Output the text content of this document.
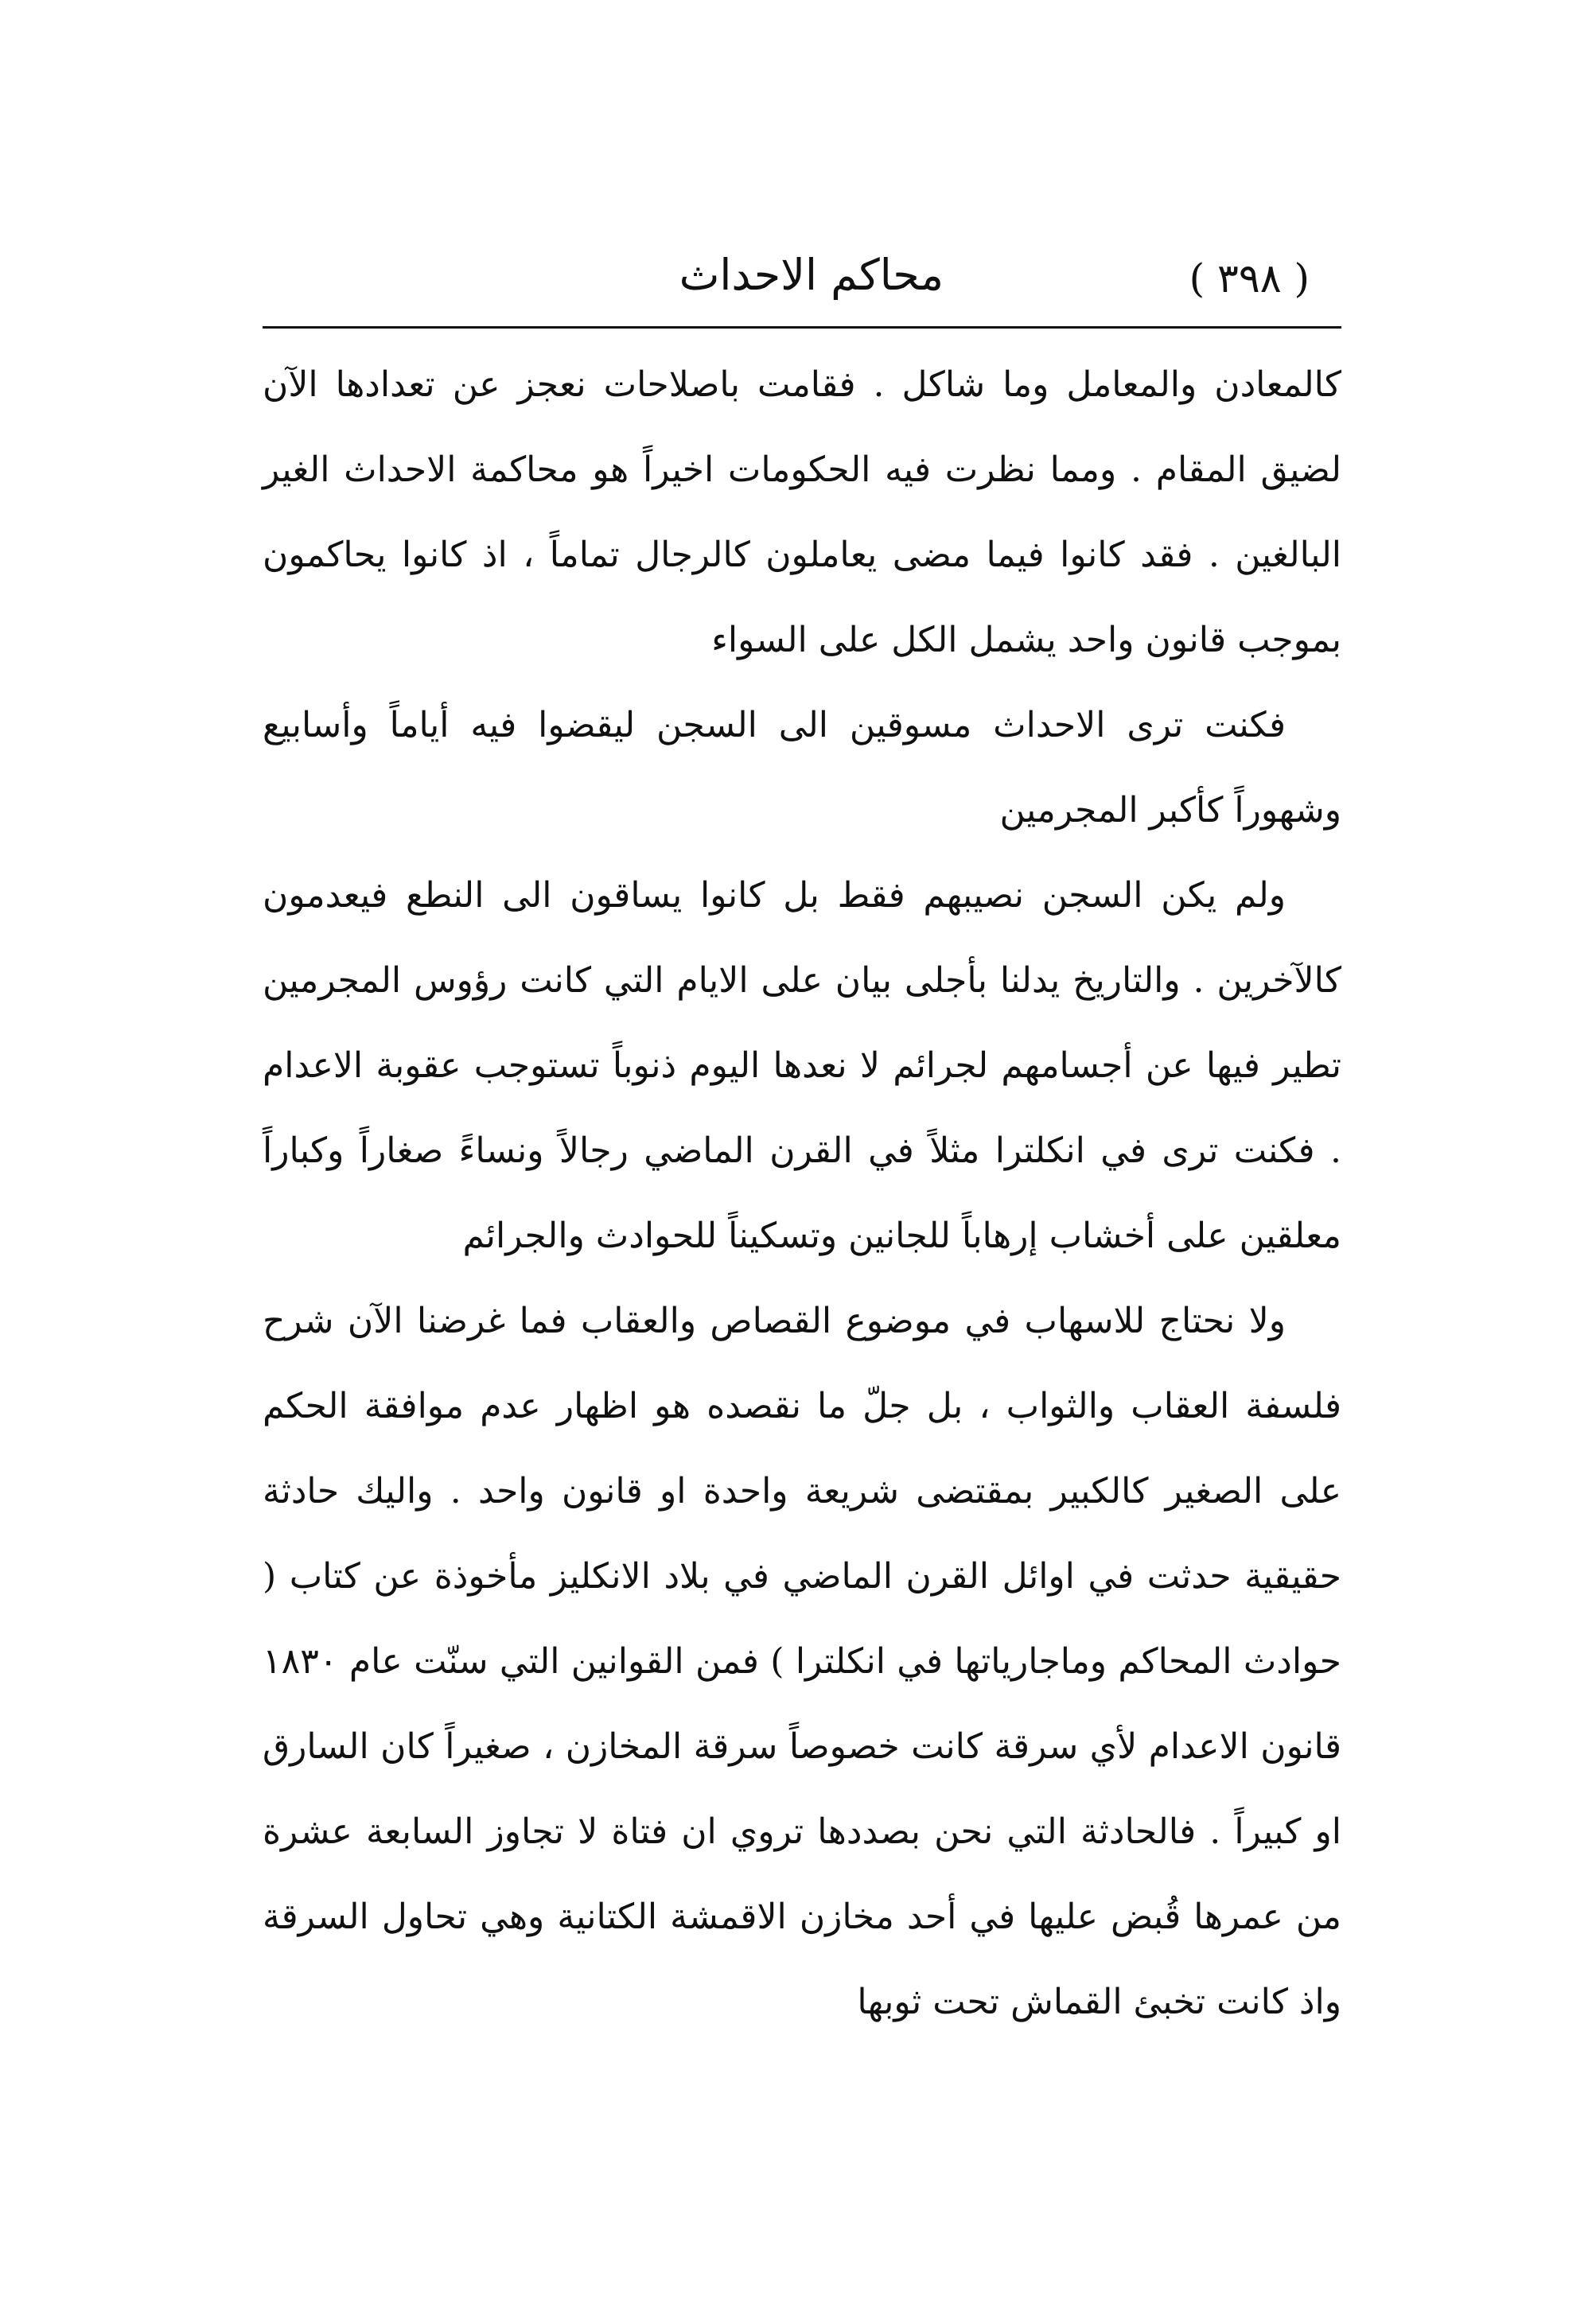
( ٣٩٨ )
محاكم الاحداث

كالمعادن والمعامل وما شاكل . فقامت باصلاحات نعجز عن تعدادها الآن لضيق المقام . ومما نظرت فيه الحكومات اخيراً هو محاكمة الاحداث الغير البالغين . فقد كانوا فيما مضى يعاملون كالرجال تماماً ، اذ كانوا يحاكمون بموجب قانون واحد يشمل الكل على السواء

فكنت ترى الاحداث مسوقين الى السجن ليقضوا فيه أياماً وأسابيع وشهوراً كأكبر المجرمين

ولم يكن السجن نصيبهم فقط بل كانوا يساقون الى النطع فيعدمون كالآخرين . والتاريخ يدلنا بأجلى بيان على الايام التي كانت رؤوس المجرمين تطير فيها عن أجسامهم لجرائم لا نعدها اليوم ذنوباً تستوجب عقوبة الاعدام . فكنت ترى في انكلترا مثلاً في القرن الماضي رجالاً ونساءً صغاراً وكباراً معلقين على أخشاب إرهاباً للجانين وتسكيناً للحوادث والجرائم

ولا نحتاج للاسهاب في موضوع القصاص والعقاب فما غرضنا الآن شرح فلسفة العقاب والثواب ، بل جلّ ما نقصده هو اظهار عدم موافقة الحكم على الصغير كالكبير بمقتضى شريعة واحدة او قانون واحد . واليك حادثة حقيقية حدثت في اوائل القرن الماضي في بلاد الانكليز مأخوذة عن كتاب ( حوادث المحاكم وماجارياتها في انكلترا ) فمن القوانين التي سنّت عام ١٨٣٠ قانون الاعدام لأي سرقة كانت خصوصاً سرقة المخازن ، صغيراً كان السارق او كبيراً . فالحادثة التي نحن بصددها تروي ان فتاة لا تجاوز السابعة عشرة من عمرها قُبض عليها في أحد مخازن الاقمشة الكتانية وهي تحاول السرقة واذ كانت تخبئ القماش تحت ثوبها
